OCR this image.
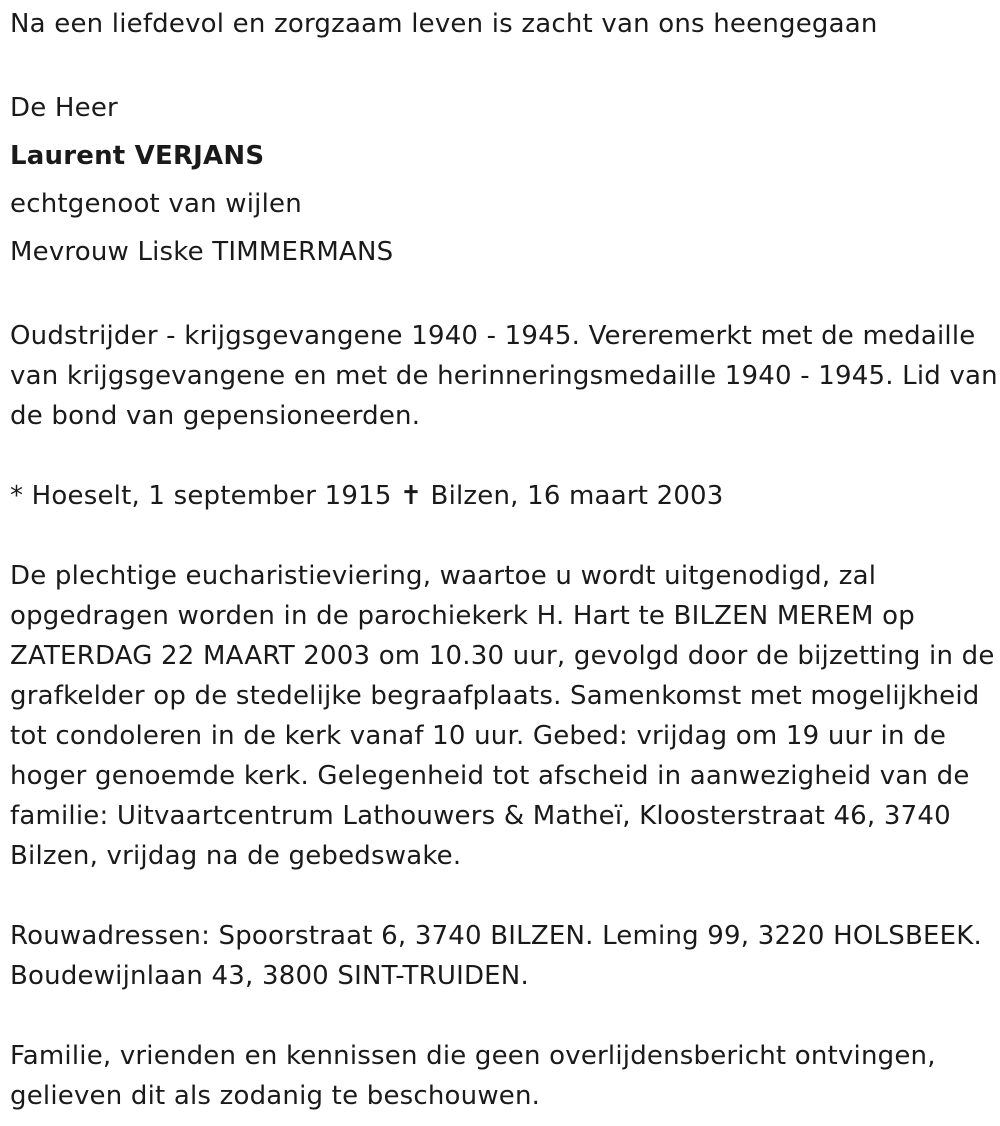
Na een liefdevol en zorgzaam leven is zacht van ons heengegaan

De Heer

Laurent VERJANS

echtgenoot van wijlen

Mevrouw Liske TIMMERMANS

Oudstrijder - krijgsgevangene 1940 - 1945. Vereremerkt met de medaille

van krijgsgevangene en met de herinneringsmedaille 1940 - 1945. Lid van

de bond van gepensioneerden.

* Hoeselt, 1 september 1915 ✝ Bilzen, 16 maart 2003

De plechtige eucharistieviering, waartoe u wordt uitgenodigd, zal

opgedragen worden in de parochiekerk H. Hart te BILZEN MEREM op

ZATERDAG 22 MAART 2003 om 10.30 uur, gevolgd door de bijzetting in de

grafkelder op de stedelijke begraafplaats. Samenkomst met mogelijkheid

tot condoleren in de kerk vanaf 10 uur. Gebed: vrijdag om 19 uur in de

hoger genoemde kerk. Gelegenheid tot afscheid in aanwezigheid van de

familie: Uitvaartcentrum Lathouwers & Matheï, Kloosterstraat 46, 3740

Bilzen, vrijdag na de gebedswake.

Rouwadressen: Spoorstraat 6, 3740 BILZEN. Leming 99, 3220 HOLSBEEK.

Boudewijnlaan 43, 3800 SINT-TRUIDEN.

Familie, vrienden en kennissen die geen overlijdensbericht ontvingen,

gelieven dit als zodanig te beschouwen.
